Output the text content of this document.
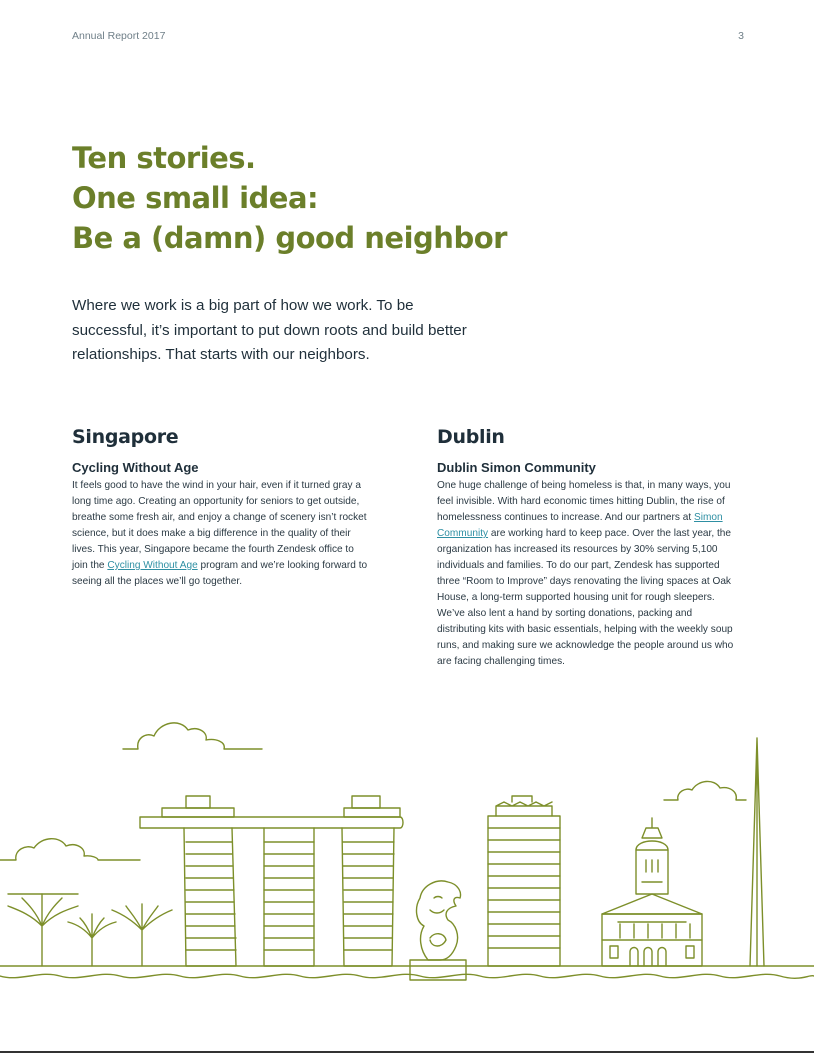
Annual Report 2017	3
Ten stories.
One small idea:
Be a (damn) good neighbor

Where we work is a big part of how we work. To be successful, it’s important to put down roots and build better relationships. That starts with our neighbors.

Singapore
Cycling Without Age

It feels good to have the wind in your hair, even if it turned gray a long time ago. Creating an opportunity for seniors to get outside, breathe some fresh air, and enjoy a change of scenery isn’t rocket science, but it does make a big difference in the quality of their lives. This year, Singapore became the fourth Zendesk office to join the Cycling Without Age program and we’re looking forward to seeing all the places we’ll go together.

Dublin
Dublin Simon Community

One huge challenge of being homeless is that, in many ways, you feel invisible. With hard economic times hitting Dublin, the rise of homelessness continues to increase. And our partners at Simon Community are working hard to keep pace. Over the last year, the organization has increased its resources by 30% serving 5,100 individuals and families. To do our part, Zendesk has supported three “Room to Improve” days renovating the living spaces at Oak House, a long-term supported housing unit for rough sleepers. We’ve also lent a hand by sorting donations, packing and distributing kits with basic essentials, helping with the weekly soup runs, and making sure we acknowledge the people around us who are facing challenging times.
